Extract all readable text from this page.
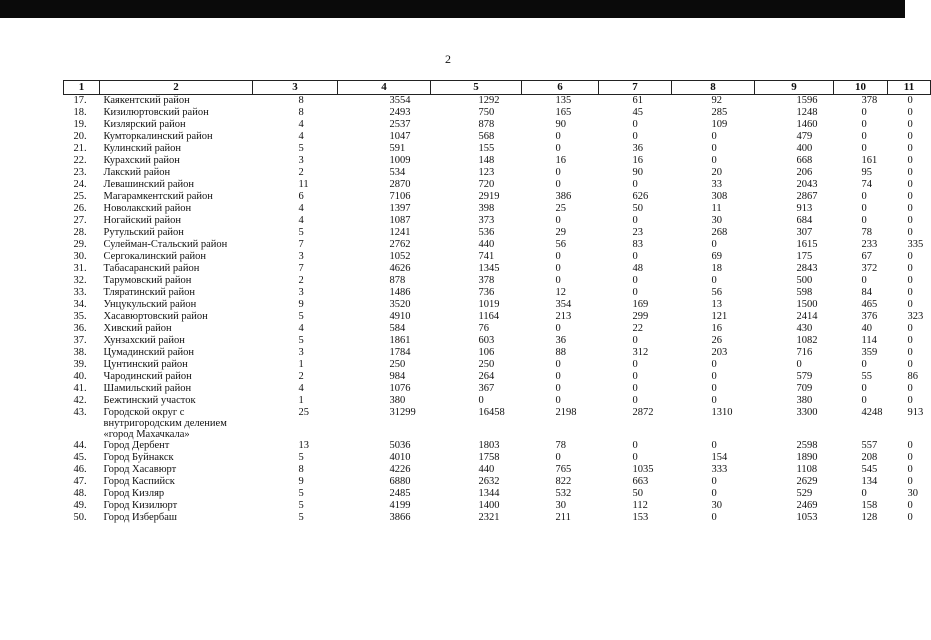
2
1	2	3	4	5	6	7	8	9	10	11
17.	Каякентский район	8	3554	1292	135	61	92	1596	378	0
18.	Кизилюртовский район	8	2493	750	165	45	285	1248	0	0
19.	Кизлярский район	4	2537	878	90	0	109	1460	0	0
20.	Кумторкалинский район	4	1047	568	0	0	0	479	0	0
21.	Кулинский район	5	591	155	0	36	0	400	0	0
22.	Курахский район	3	1009	148	16	16	0	668	161	0
23.	Лакский район	2	534	123	0	90	20	206	95	0
24.	Левашинский район	11	2870	720	0	0	33	2043	74	0
25.	Магарамкентский район	6	7106	2919	386	626	308	2867	0	0
26.	Новолакский район	4	1397	398	25	50	11	913	0	0
27.	Ногайский район	4	1087	373	0	0	30	684	0	0
28.	Рутульский район	5	1241	536	29	23	268	307	78	0
29.	Сулейман-Стальский район	7	2762	440	56	83	0	1615	233	335
30.	Сергокалинский район	3	1052	741	0	0	69	175	67	0
31.	Табасаранский район	7	4626	1345	0	48	18	2843	372	0
32.	Тарумовский район	2	878	378	0	0	0	500	0	0
33.	Тляратинский район	3	1486	736	12	0	56	598	84	0
34.	Унцукульский район	9	3520	1019	354	169	13	1500	465	0
35.	Хасавюртовский район	5	4910	1164	213	299	121	2414	376	323
36.	Хивский район	4	584	76	0	22	16	430	40	0
37.	Хунзахский район	5	1861	603	36	0	26	1082	114	0
38.	Цумадинский район	3	1784	106	88	312	203	716	359	0
39.	Цунтинский район	1	250	250	0	0	0	0	0	0
40.	Чародинский район	2	984	264	0	0	0	579	55	86
41.	Шамильский район	4	1076	367	0	0	0	709	0	0
42.	Бежтинский участок	1	380	0	0	0	0	380	0	0
43.	Городской округ с внутригородским делением «город Махачкала»	25	31299	16458	2198	2872	1310	3300	4248	913
44.	Город Дербент	13	5036	1803	78	0	0	2598	557	0
45.	Город Буйнакск	5	4010	1758	0	0	154	1890	208	0
46.	Город Хасавюрт	8	4226	440	765	1035	333	1108	545	0
47.	Город Каспийск	9	6880	2632	822	663	0	2629	134	0
48.	Город Кизляр	5	2485	1344	532	50	0	529	0	30
49.	Город Кизилюрт	5	4199	1400	30	112	30	2469	158	0
50.	Город Избербаш	5	3866	2321	211	153	0	1053	128	0
